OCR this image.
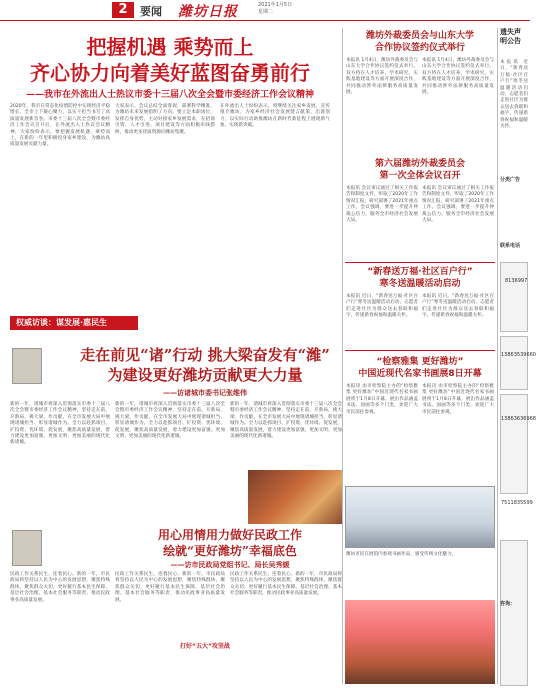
2	要闻 潍坊日报	2021年1月5日
星期二
把握机遇 乘势而上
齐心协力向着美好蓝图奋勇前行
——我市在外流出人士热议市委十三届八次全会暨市委经济工作会议精神
2020年，我市在常态化疫情防控中实现经济平稳增长，全市上下凝心聚力，以实干担当书写了高质量发展新答卷。市委十三届八次全会暨市委经济工作会议召开后，在外流出人士热议会议精神，大家纷纷表示，要把握发展机遇，乘势而上，在新的一年里积极投身家乡建设，为潍坊高质量发展贡献力量。
大家表示，会议总结全面客观，部署科学精准，为潍坊未来发展指明了方向。要立足本职岗位，发挥自身优势，主动对接家乡发展需求，在招商引资、人才引进、项目建设等方面积极牵线搭桥，推动更多优质资源向潍坊集聚。
在外流出人士纷纷表示，将继续关注家乡发展，宣传推介潍坊，为家乡经济社会发展建言献策、出谋划力，以实际行动助推潍坊在新时代新征程上展现新气象、实现新突破。
权威访谈：谋发展·惠民生
走在前见“诸”行动 挑大梁奋发有“潍”
为建设更好潍坊贡献更大力量
——访诸城市委书记张维伟
新的一年，诸城市将深入贯彻落实市委十三届八次全会暨市委经济工作会议精神，坚持走在前、开新局，挑大梁、作贡献，在全市发展大局中展现诸城担当、彰显诸城作为。全力以赴抓项目、扩投资、优环境、促发展，聚焦高质量发展，着力建设更加富强、更加文明、更加美丽的现代化新诸城。
新的一年，诸城市将深入贯彻落实市委十三届八次全会暨市委经济工作会议精神，坚持走在前、开新局，挑大梁、作贡献，在全市发展大局中展现诸城担当、彰显诸城作为。全力以赴抓项目、扩投资、优环境、促发展，聚焦高质量发展，着力建设更加富强、更加文明、更加美丽的现代化新诸城。
新的一年，诸城市将深入贯彻落实市委十三届八次全会暨市委经济工作会议精神，坚持走在前、开新局，挑大梁、作贡献，在全市发展大局中展现诸城担当、彰显诸城作为。全力以赴抓项目、扩投资、优环境、促发展，聚焦高质量发展，着力建设更加富强、更加文明、更加美丽的现代化新诸城。
用心用情用力做好民政工作
绘就“更好潍坊”幸福底色
——访市民政局党组书记、局长吴秀媛
民政工作关系民生、连着民心。新的一年，市民政局将坚持以人民为中心的发展思想，聚焦特殊群体、聚焦群众关切，更好履行基本民生保障、基层社会治理、基本社会服务等职责，推动民政事业高质量发展。
民政工作关系民生、连着民心。新的一年，市民政局将坚持以人民为中心的发展思想，聚焦特殊群体、聚焦群众关切，更好履行基本民生保障、基层社会治理、基本社会服务等职责，推动民政事业高质量发展。
打好“五大”攻坚战
民政工作关系民生、连着民心。新的一年，市民政局将坚持以人民为中心的发展思想，聚焦特殊群体、聚焦群众关切，更好履行基本民生保障、基层社会治理、基本社会服务等职责，推动民政事业高质量发展。
潍坊外裁委员会与山东大学
合作协议签约仪式举行
本报讯 1月4日，潍坊外裁委员会与山东大学合作协议签约仪式举行。双方将在人才培养、学术研究、实践基地建设等方面开展深度合作，共同推动涉外法律服务高质量发展。
本报讯 1月4日，潍坊外裁委员会与山东大学合作协议签约仪式举行。双方将在人才培养、学术研究、实践基地建设等方面开展深度合作，共同推动涉外法律服务高质量发展。
第六届潍坊外裁委员会
第一次全体会议召开
本报讯 会议审议通过了相关工作报告和制度文件，听取了2020年工作情况汇报，研究部署了2021年重点工作。会议强调，要进一步提升仲裁公信力，服务全市经济社会发展大局。
本报讯 会议审议通过了相关工作报告和制度文件，听取了2020年工作情况汇报，研究部署了2021年重点工作。会议强调，要进一步提升仲裁公信力，服务全市经济社会发展大局。
“新春送万福·社区百户行”
寒冬送温暖活动启动
本报讯 近日，“新春送万福·社区百户行”寒冬送温暖活动启动，志愿者们走进社区为群众送去春联和福字，传递新春祝福和温暖关怀。
本报讯 近日，“新春送万福·社区百户行”寒冬送温暖活动启动，志愿者们走进社区为群众送去春联和福字，传递新春祝福和温暖关怀。
“检察雅集 更好潍坊”
中国近现代名家书画展8日开幕
本报讯 由市检察院主办的“检察雅集 更好潍坊”中国近现代名家书画展将于1月8日开幕，展出作品涵盖书法、国画等多个门类，欢迎广大市民前往参观。
本报讯 由市检察院主办的“检察雅集 更好潍坊”中国近现代名家书画展将于1月8日开幕，展出作品涵盖书法、国画等多个门类，欢迎广大市民前往参观。
潍坊市民在展馆内参观书画作品，感受传统文化魅力。
遗失声明公告
本报讯 近日，“新春送万福·社区百户行”寒冬送温暖活动启动，志愿者们走进社区为群众送去春联和福字，传递新春祝福和温暖关怀。
分类广告
联系电话
8136997
13863539660
13863636968
7511835599
咨询：
